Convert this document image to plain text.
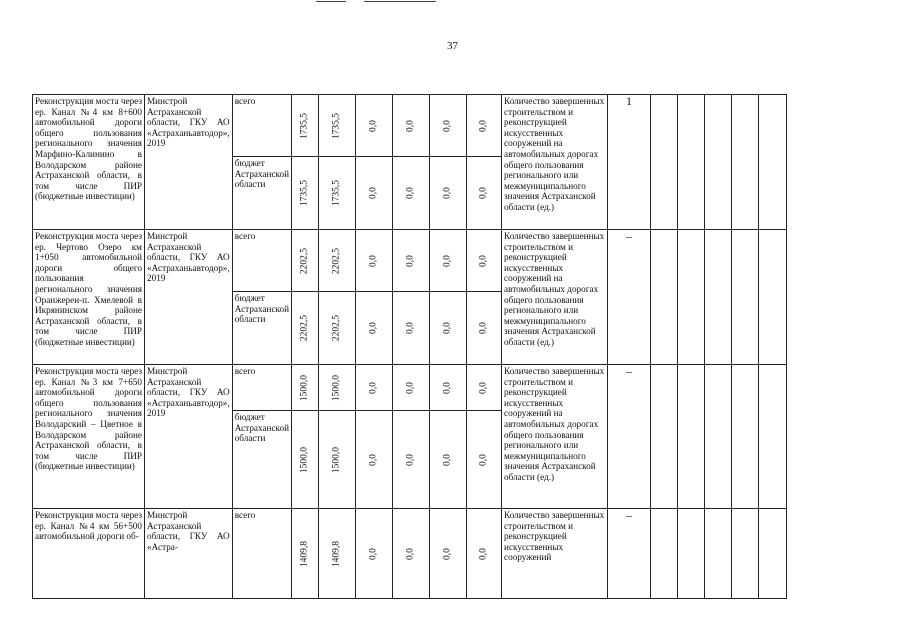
37
Реконструкция моста через ер. Канал №4 км 8+600 автомобильной дороги общего пользования регионального значения Марфино-Калинино в Володарском районе Астраханской области, в том числе ПИР (бюджетные инвестиции)	Минстрой Астраханской области, ГКУ АО «Астраханьавтодор», 2019	всего	1735,5	1735,5	0,0	0,0	0,0	0,0	Количество завершенных строительством и реконструкцией искусственных сооружений на автомобильных дорогах общего пользования регионального или межмуниципального значения Астраханской области (ед.)	1					
		бюджет Астраханской области	1735,5	1735,5	0,0	0,0	0,0	0,0							

Реконструкция моста через ер. Чертово Озеро км 1+050 автомобильной дороги общего пользования регионального значения Оранжереи-п. Хмелевой в Икрянинском районе Астраханской области, в том числе ПИР (бюджетные инвестиции)	Минстрой Астраханской области, ГКУ АО «Астраханьавтодор», 2019	всего	2202,5	2202,5	0,0	0,0	0,0	0,0	Количество завершенных строительством и реконструкцией искусственных сооружений на автомобильных дорогах общего пользования регионального или межмуниципального значения Астраханской области (ед.)	–					
		бюджет Астраханской области	2202,5	2202,5	0,0	0,0	0,0	0,0							

Реконструкция моста через ер. Канал №3 км 7+650 автомобильной дороги общего пользования регионального значения Володарский – Цветное в Володарском районе Астраханской области, в том числе ПИР (бюджетные инвестиции)	Минстрой Астраханской области, ГКУ АО «Астраханьавтодор», 2019	всего	1500,0	1500,0	0,0	0,0	0,0	0,0	Количество завершенных строительством и реконструкцией искусственных сооружений на автомобильных дорогах общего пользования регионального или межмуниципального значения Астраханской области (ед.)	–					
		бюджет Астраханской области	1500,0	1500,0	0,0	0,0	0,0	0,0							

Реконструкция моста через ер. Канал №4 км 56+500 автомобильной дороги об-	Минстрой Астраханской области, ГКУ АО «Астра-	всего	1409,8	1409,8	0,0	0,0	0,0	0,0	Количество завершенных строительством и реконструкцией искусственных сооружений	–					
